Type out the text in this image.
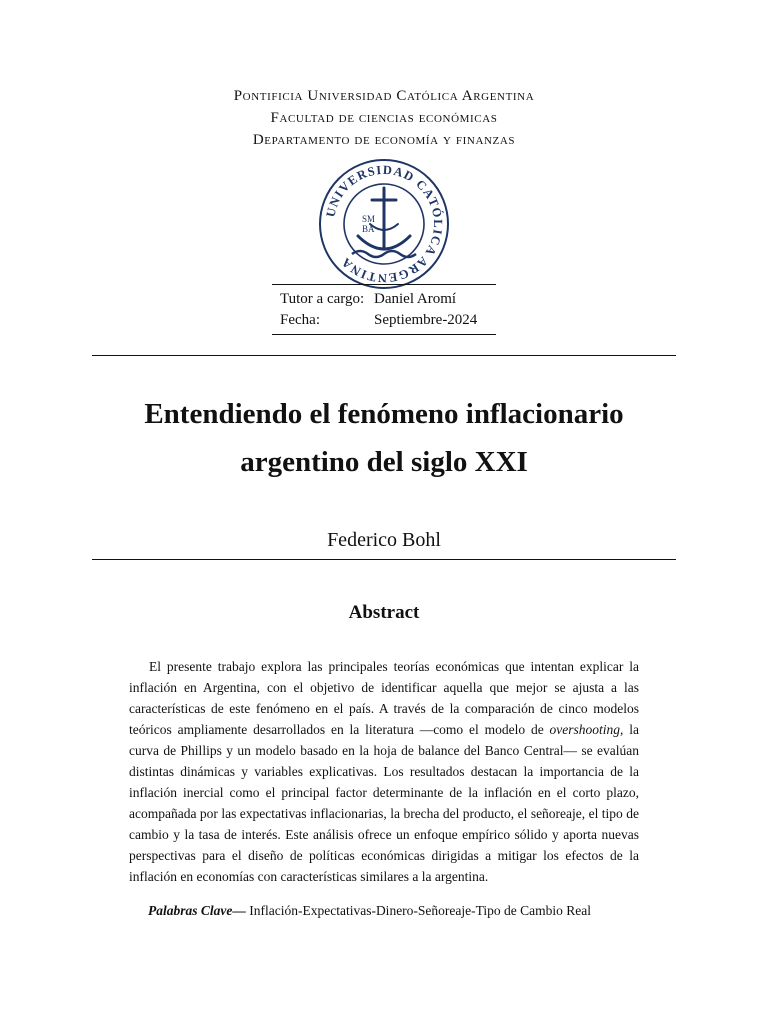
Pontificia Universidad Católica Argentina
Facultad de ciencias económicas
Departamento de economía y finanzas
UNIVERSIDAD CATÓLICA ARGENTINA
SM
BA
Tutor a cargo: Daniel Aromí
Fecha:	Septiembre-2024
Entendiendo el fenómeno inflacionario argentino del siglo XXI
Federico Bohl
Abstract

El presente trabajo explora las principales teorías económicas que intentan explicar la inflación en Argentina, con el objetivo de identificar aquella que mejor se ajusta a las características de este fenómeno en el país. A través de la comparación de cinco modelos teóricos ampliamente desarrollados en la literatura —como el modelo de overshooting, la curva de Phillips y un modelo basado en la hoja de balance del Banco Central— se evalúan distintas dinámicas y variables explicativas. Los resultados destacan la importancia de la inflación inercial como el principal factor determinante de la inflación en el corto plazo, acompañada por las expectativas inflacionarias, la brecha del producto, el señoreaje, el tipo de cambio y la tasa de interés. Este análisis ofrece un enfoque empírico sólido y aporta nuevas perspectivas para el diseño de políticas económicas dirigidas a mitigar los efectos de la inflación en economías con características similares a la argentina.

Palabras Clave— Inflación-Expectativas-Dinero-Señoreaje-Tipo de Cambio Real
